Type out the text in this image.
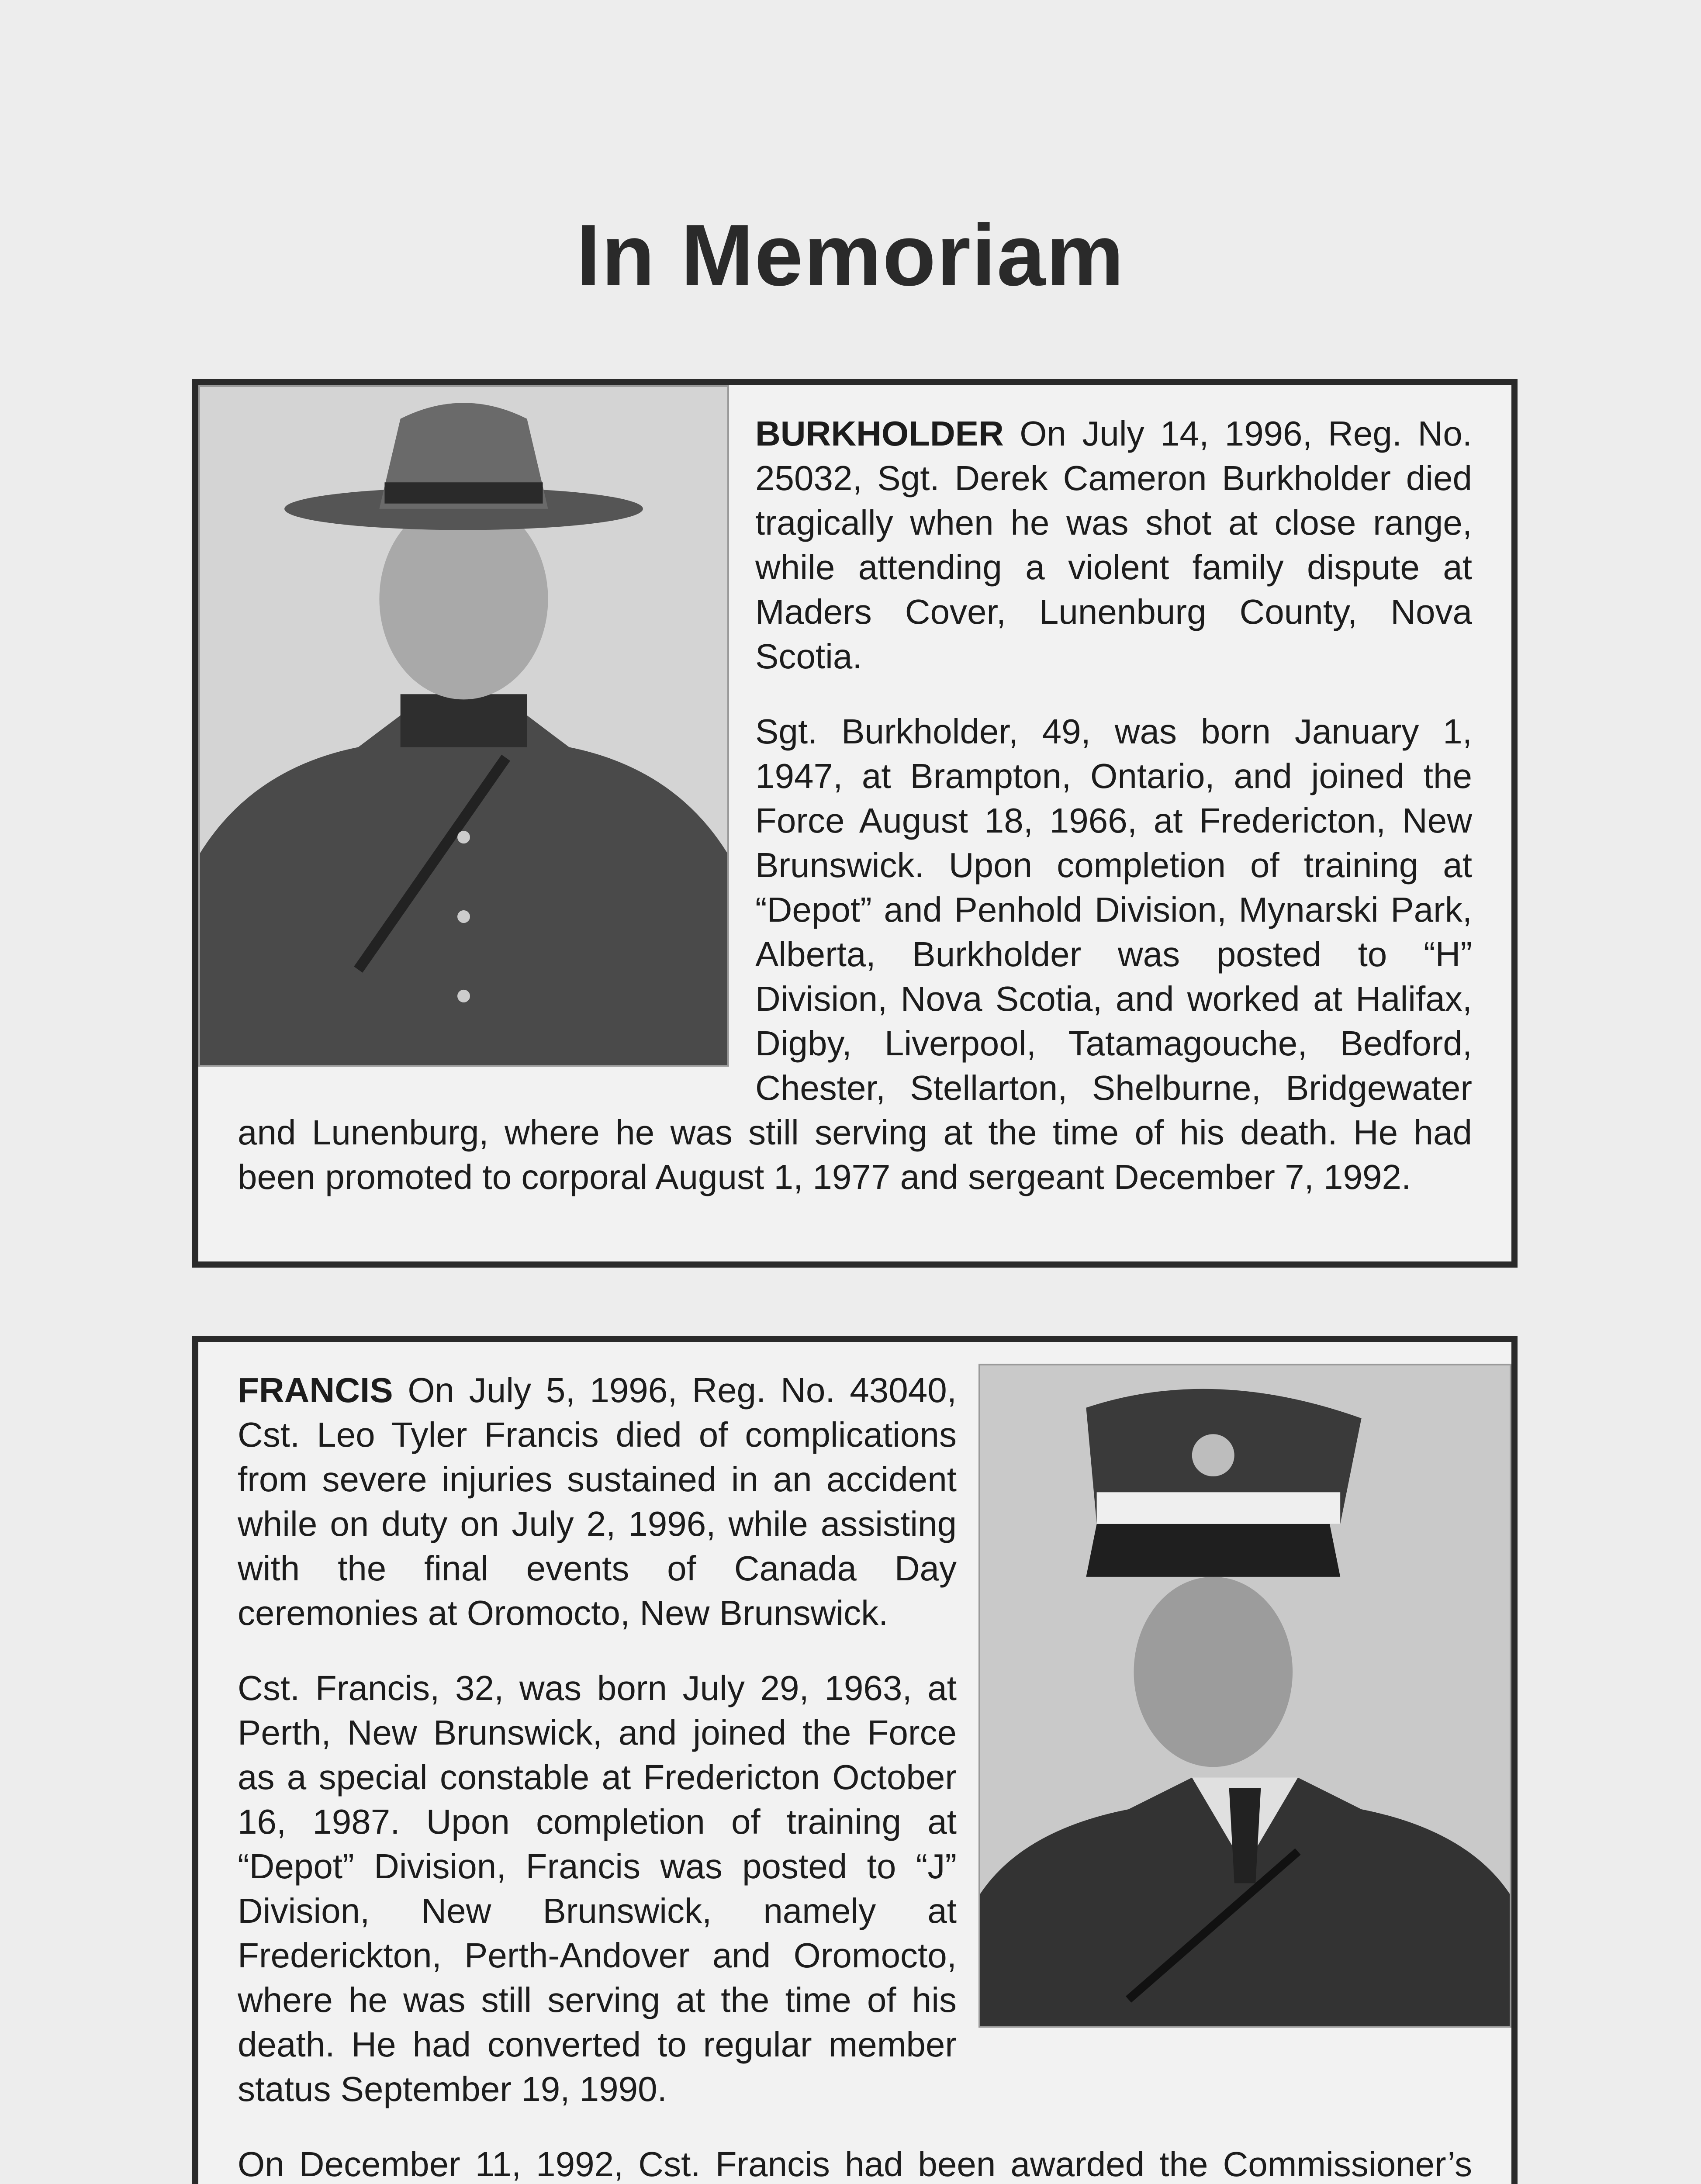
In Memoriam

BURKHOLDER On July 14, 1996, Reg. No. 25032, Sgt. Derek Cameron Burkholder died tragically when he was shot at close range, while attending a violent family dispute at Maders Cover, Lunenburg County, Nova Scotia.

Sgt. Burkholder, 49, was born January 1, 1947, at Brampton, Ontario, and joined the Force August 18, 1966, at Fredericton, New Brunswick. Upon completion of training at “Depot” and Penhold Division, Mynarski Park, Alberta, Burkholder was posted to “H” Division, Nova Scotia, and worked at Halifax, Digby, Liverpool, Tatamagouche, Bedford, Chester, Stellarton, Shelburne, Bridgewater and Lunenburg, where he was still serving at the time of his death. He had been promoted to corporal August 1, 1977 and sergeant December 7, 1992.

FRANCIS On July 5, 1996, Reg. No. 43040, Cst. Leo Tyler Francis died of complications from severe injuries sustained in an accident while on duty on July 2, 1996, while assisting with the final events of Canada Day ceremonies at Oromocto, New Brunswick.

Cst. Francis, 32, was born July 29, 1963, at Perth, New Brunswick, and joined the Force as a special constable at Fredericton October 16, 1987. Upon completion of training at “Depot” Division, Francis was posted to “J” Division, New Brunswick, namely at Frederickton, Perth-Andover and Oromocto, where he was still serving at the time of his death. He had converted to regular member status September 19, 1990.

On December 11, 1992, Cst. Francis had been awarded the Commissioner’s
